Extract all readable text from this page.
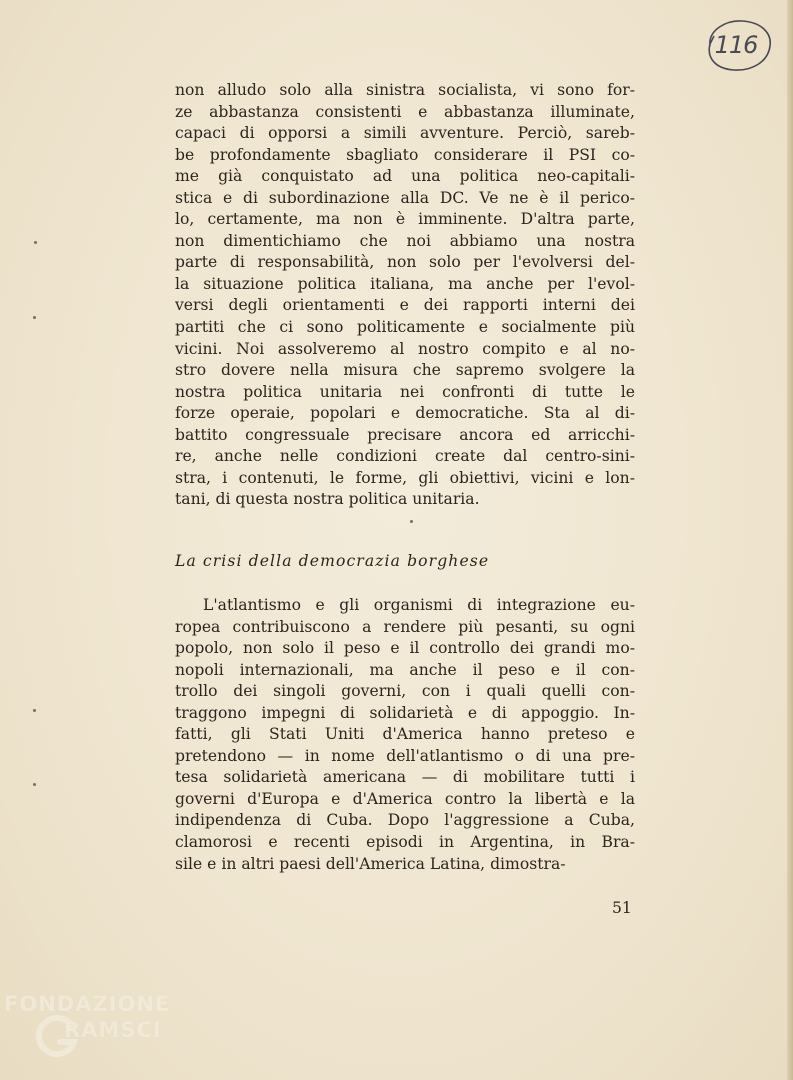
116
non alludo solo alla sinistra socialista, vi sono for-
ze abbastanza consistenti e abbastanza illuminate,
capaci di opporsi a simili avventure. Perciò, sareb-
be profondamente sbagliato considerare il PSI co-
me già conquistato ad una politica neo-capitali-
stica e di subordinazione alla DC. Ve ne è il perico-
lo, certamente, ma non è imminente. D'altra parte,
non dimentichiamo che noi abbiamo una nostra
parte di responsabilità, non solo per l'evolversi del-
la situazione politica italiana, ma anche per l'evol-
versi degli orientamenti e dei rapporti interni dei
partiti che ci sono politicamente e socialmente più
vicini. Noi assolveremo al nostro compito e al no-
stro dovere nella misura che sapremo svolgere la
nostra politica unitaria nei confronti di tutte le
forze operaie, popolari e democratiche. Sta al di-
battito congressuale precisare ancora ed arricchi-
re, anche nelle condizioni create dal centro-sini-
stra, i contenuti, le forme, gli obiettivi, vicini e lon-
tani, di questa nostra politica unitaria.
La crisi della democrazia borghese
L'atlantismo e gli organismi di integrazione eu-
ropea contribuiscono a rendere più pesanti, su ogni
popolo, non solo il peso e il controllo dei grandi mo-
nopoli internazionali, ma anche il peso e il con-
trollo dei singoli governi, con i quali quelli con-
traggono impegni di solidarietà e di appoggio. In-
fatti, gli Stati Uniti d'America hanno preteso e
pretendono — in nome dell'atlantismo o di una pre-
tesa solidarietà americana — di mobilitare tutti i
governi d'Europa e d'America contro la libertà e la
indipendenza di Cuba. Dopo l'aggressione a Cuba,
clamorosi e recenti episodi in Argentina, in Bra-
sile e in altri paesi dell'America Latina, dimostra-
51
FONDAZIONE
RAMSCI
